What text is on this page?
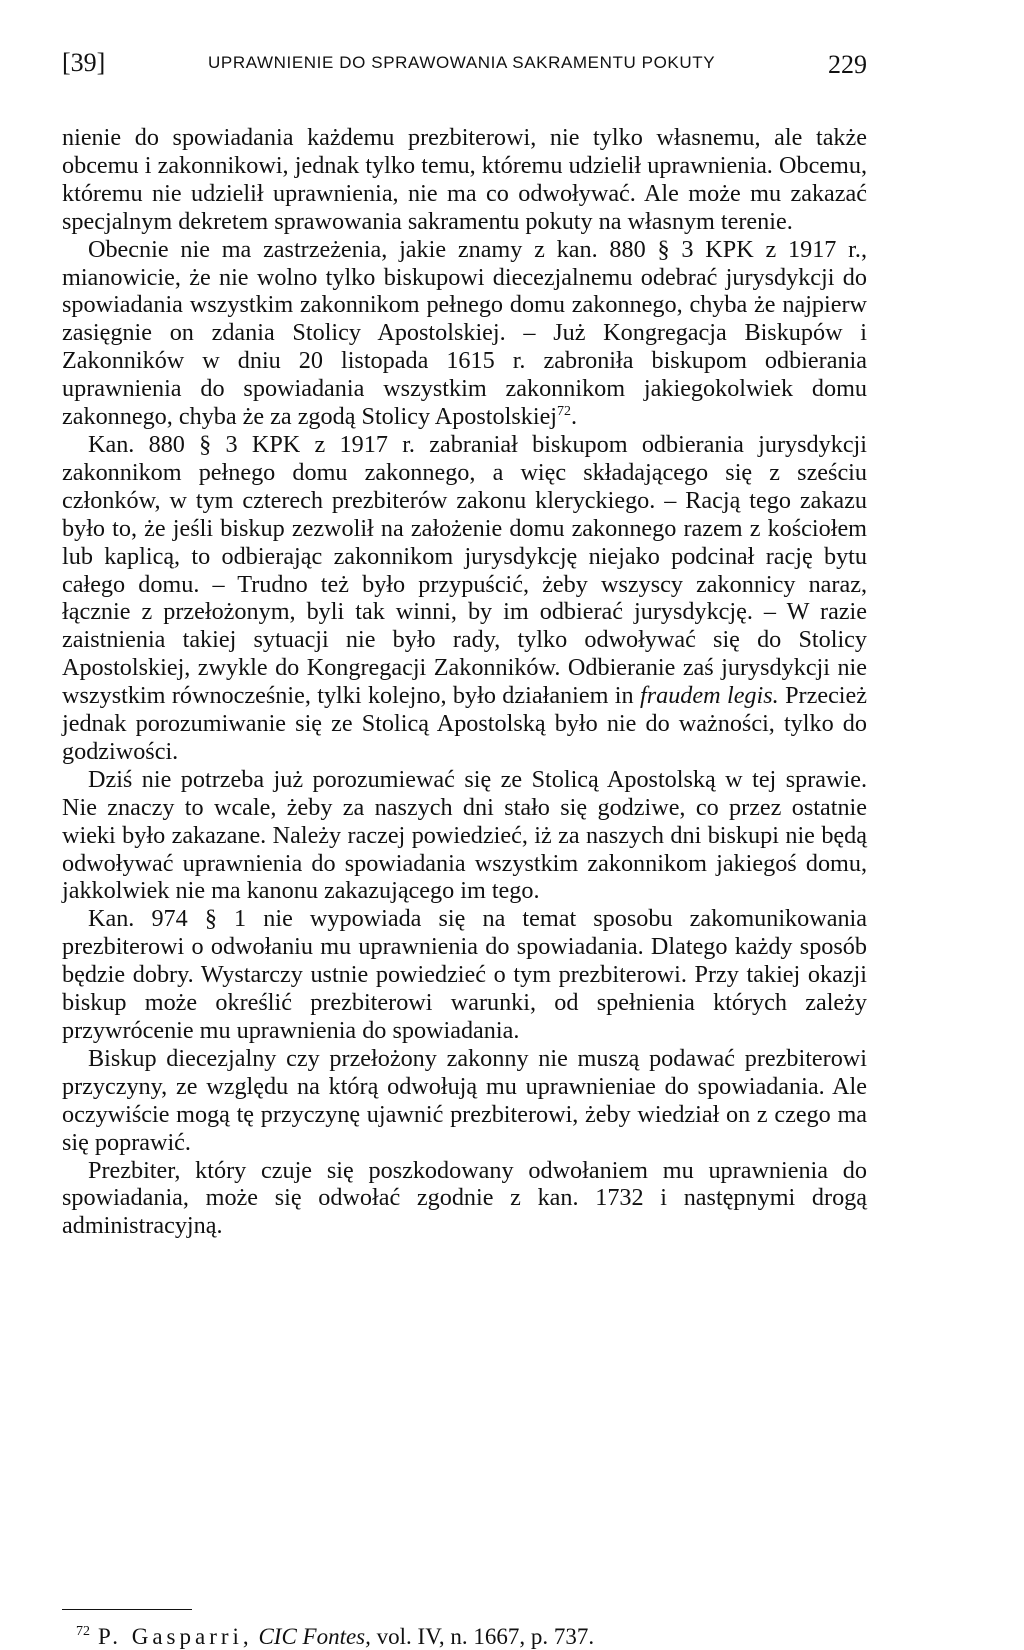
[39]	UPRAWNIENIE DO SPRAWOWANIA SAKRAMENTU POKUTY	229

nienie do spowiadania każdemu prezbiterowi, nie tylko własnemu, ale także obcemu i zakonnikowi, jednak tylko temu, któremu udzielił uprawnienia. Obcemu, któremu nie udzielił uprawnienia, nie ma co odwoływać. Ale może mu zakazać specjalnym dekretem sprawowania sakramentu pokuty na własnym terenie.

Obecnie nie ma zastrzeżenia, jakie znamy z kan. 880 § 3 KPK z 1917 r., mianowicie, że nie wolno tylko biskupowi diecezjalnemu odebrać jurysdykcji do spowiadania wszystkim zakonnikom pełnego domu zakonnego, chyba że najpierw zasięgnie on zdania Stolicy Apostolskiej. – Już Kongregacja Biskupów i Zakonników w dniu 20 listopada 1615 r. zabroniła biskupom odbierania uprawnienia do spowiadania wszystkim zakonnikom jakiegokolwiek domu zakonnego, chyba że za zgodą Stolicy Apostolskiej$^{72}$.

Kan. 880 § 3 KPK z 1917 r. zabraniał biskupom odbierania jurysdykcji zakonnikom pełnego domu zakonnego, a więc składającego się z sześciu członków, w tym czterech prezbiterów zakonu kleryckiego. – Racją tego zakazu było to, że jeśli biskup zezwolił na założenie domu zakonnego razem z kościołem lub kaplicą, to odbierając zakonnikom jurysdykcję niejako podcinał rację bytu całego domu. – Trudno też było przypuścić, żeby wszyscy zakonnicy naraz, łącznie z przełożonym, byli tak winni, by im odbierać jurysdykcję. – W razie zaistnienia takiej sytuacji nie było rady, tylko odwoływać się do Stolicy Apostolskiej, zwykle do Kongregacji Zakonników. Odbieranie zaś jurysdykcji nie wszystkim równocześnie, tylki kolejno, było działaniem in fraudem legis. Przecież jednak porozumiwanie się ze Stolicą Apostolską było nie do ważności, tylko do godziwości.

Dziś nie potrzeba już porozumiewać się ze Stolicą Apostolską w tej sprawie. Nie znaczy to wcale, żeby za naszych dni stało się godziwe, co przez ostatnie wieki było zakazane. Należy raczej powiedzieć, iż za naszych dni biskupi nie będą odwoływać uprawnienia do spowiadania wszystkim zakonnikom jakiegoś domu, jakkolwiek nie ma kanonu zakazującego im tego.

Kan. 974 § 1 nie wypowiada się na temat sposobu zakomunikowania prezbiterowi o odwołaniu mu uprawnienia do spowiadania. Dlatego każdy sposób będzie dobry. Wystarczy ustnie powiedzieć o tym prezbiterowi. Przy takiej okazji biskup może określić prezbiterowi warunki, od spełnienia których zależy przywrócenie mu uprawnienia do spowiadania.

Biskup diecezjalny czy przełożony zakonny nie muszą podawać prezbiterowi przyczyny, ze względu na którą odwołują mu uprawnieniae do spowiadania. Ale oczywiście mogą tę przyczynę ujawnić prezbiterowi, żeby wiedział on z czego ma się poprawić.

Prezbiter, który czuje się poszkodowany odwołaniem mu uprawnienia do spowiadania, może się odwołać zgodnie z kan. 1732 i następnymi drogą administracyjną.

$^{72}$ P. Gasparri, CIC Fontes, vol. IV, n. 1667, p. 737.
